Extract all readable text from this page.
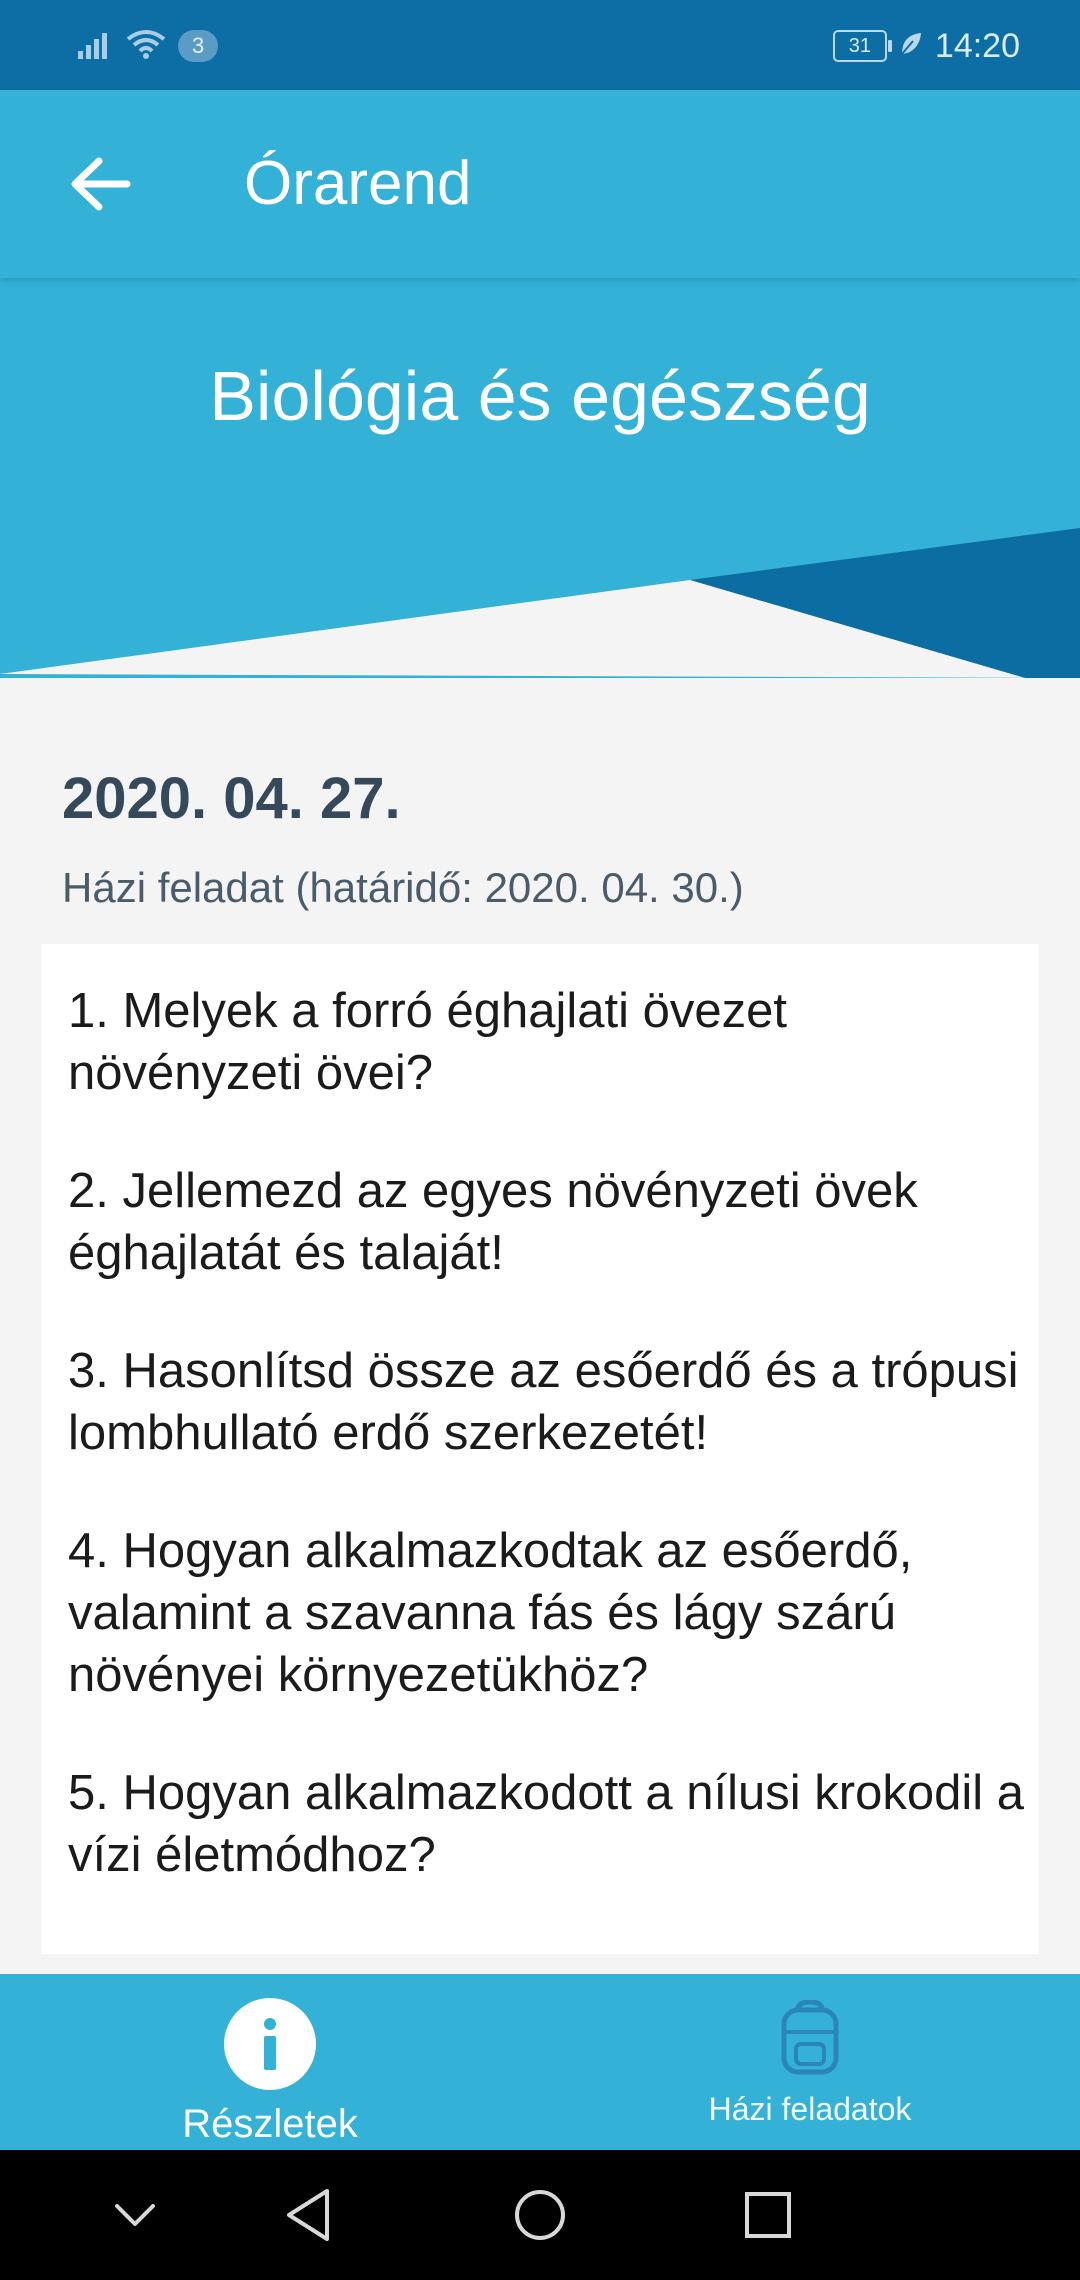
3	31 14:20
Órarend
Biológia és egészség
2020. 04. 27.
Házi feladat (határidő: 2020. 04. 30.)

1. Melyek a forró éghajlati övezet növényzeti övei?

2. Jellemezd az egyes növényzeti övek éghajlatát és talaját!

3. Hasonlítsd össze az esőerdő és a trópusi lombhullató erdő szerkezetét!

4. Hogyan alkalmazkodtak az esőerdő, valamint a szavanna fás és lágy szárú növényei környezetükhöz?

5. Hogyan alkalmazkodott a nílusi krokodil a vízi életmódhoz?

Részletek	Házi feladatok
